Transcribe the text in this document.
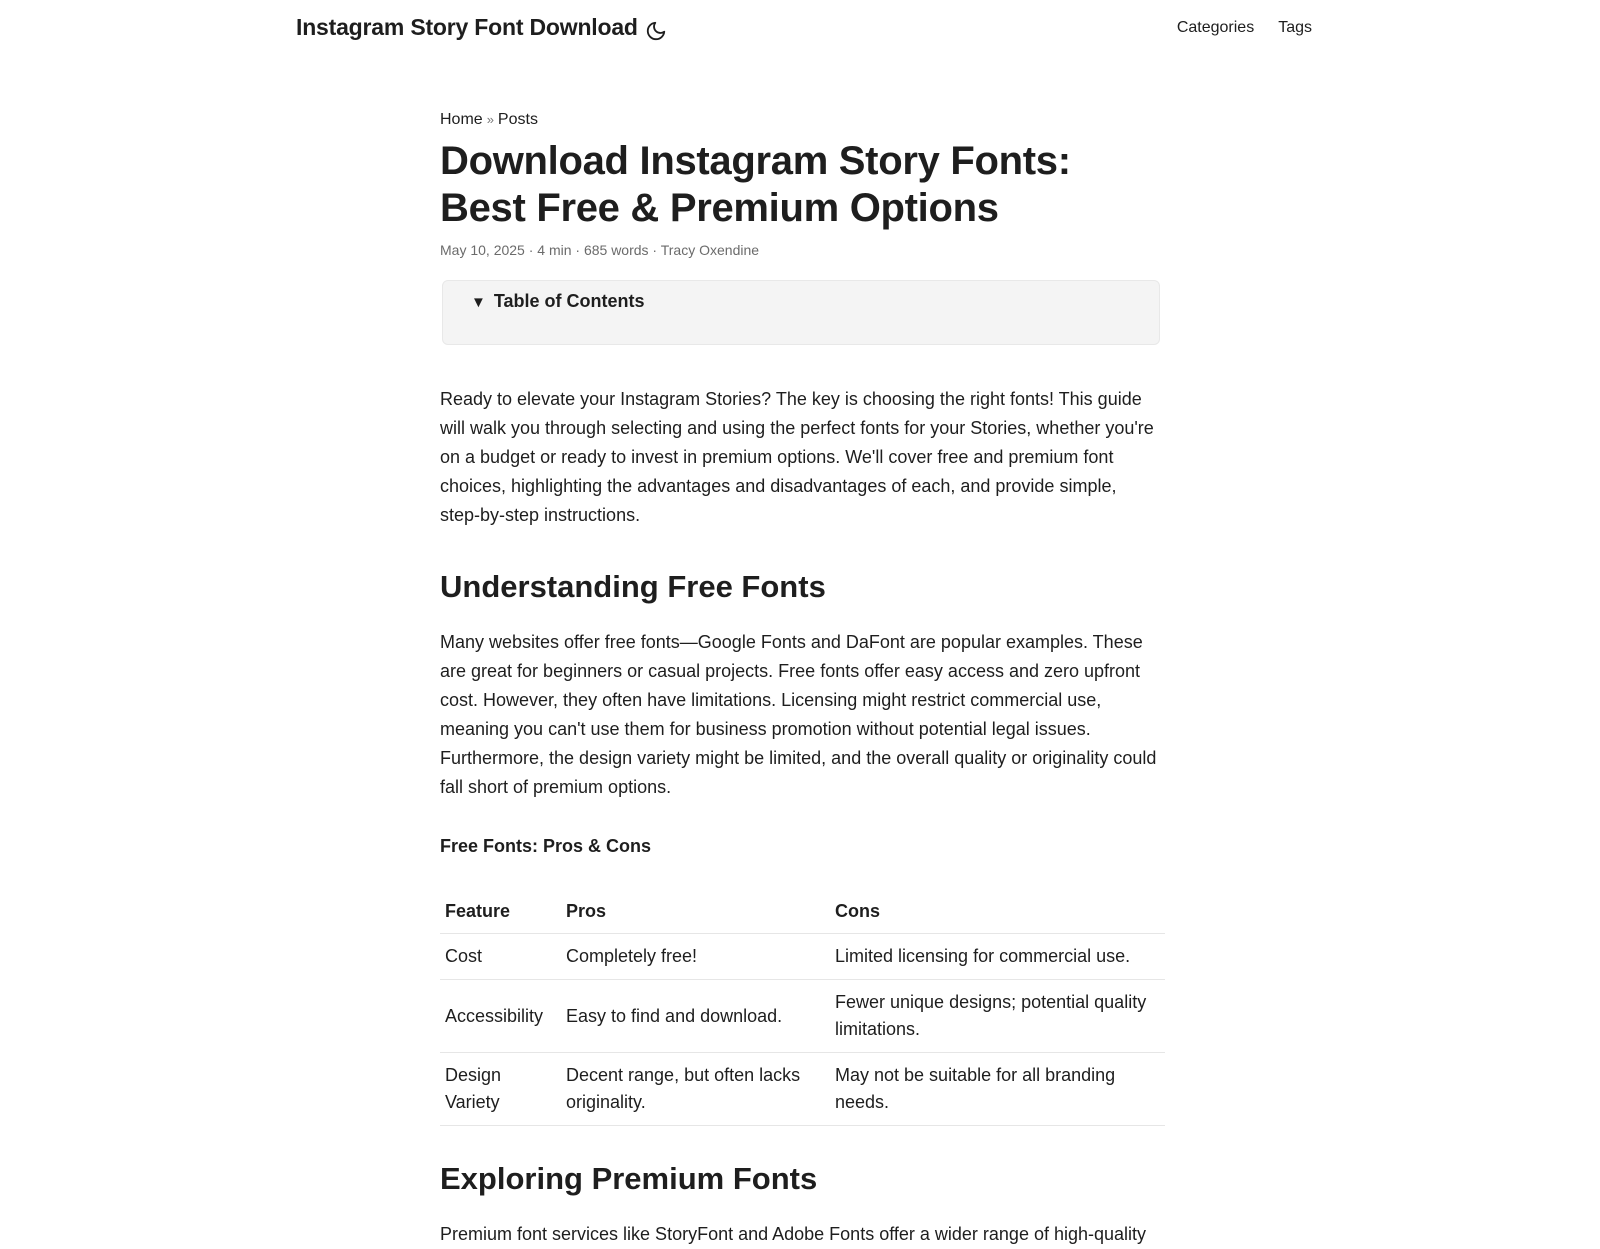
Instagram Story Font Download	Categories Tags
Home » Posts
Download Instagram Story Fonts: Best Free & Premium Options
May 10, 2025 · 4 min · 685 words · Tracy Oxendine
▼ Table of Contents

Ready to elevate your Instagram Stories? The key is choosing the right fonts! This guide will walk you through selecting and using the perfect fonts for your Stories, whether you're on a budget or ready to invest in premium options. We'll cover free and premium font choices, highlighting the advantages and disadvantages of each, and provide simple, step-by-step instructions.

Understanding Free Fonts

Many websites offer free fonts—Google Fonts and DaFont are popular examples. These are great for beginners or casual projects. Free fonts offer easy access and zero upfront cost. However, they often have limitations. Licensing might restrict commercial use, meaning you can't use them for business promotion without potential legal issues. Furthermore, the design variety might be limited, and the overall quality or originality could fall short of premium options.

Free Fonts: Pros & Cons
Feature	Pros	Cons
Cost	Completely free!	Limited licensing for commercial use.
Accessibility	Easy to find and download.	Fewer unique designs; potential quality limitations.
Design Variety	Decent range, but often lacks originality.	May not be suitable for all branding needs.
Exploring Premium Fonts

Premium font services like StoryFont and Adobe Fonts offer a wider range of high-quality
